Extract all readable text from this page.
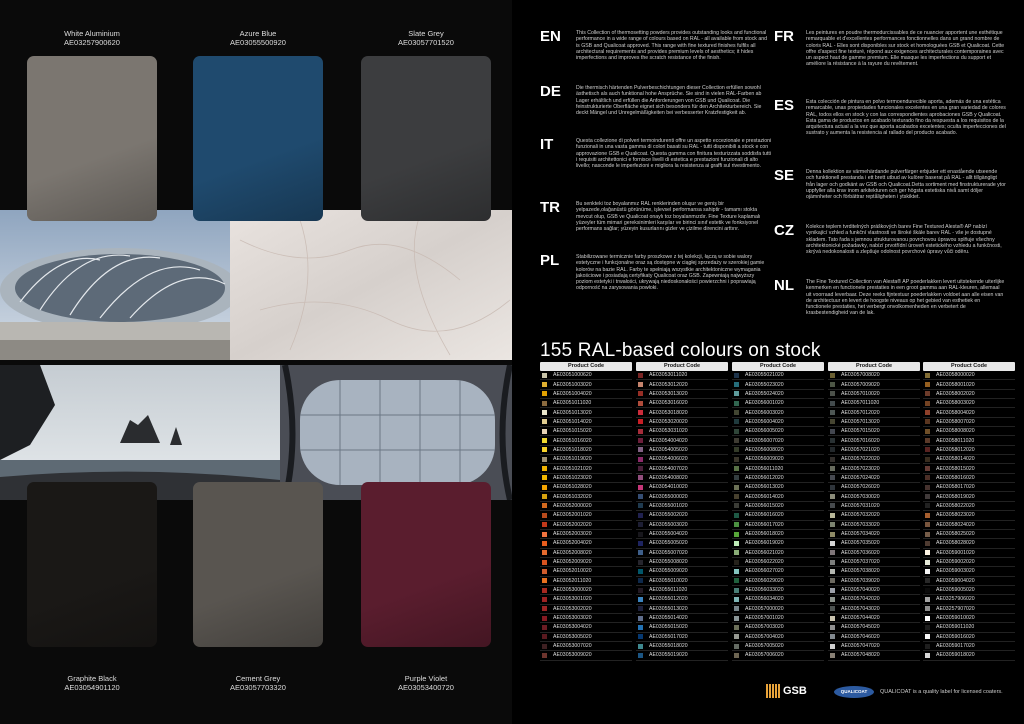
White Aluminium
AE03257900620
Azure Blue
AE03055500920
Slate Grey
AE03057701520
Graphite Black
AE03054901120
Cement Grey
AE03057703320
Purple Violet
AE03053400720
EN	This Collection of thermosetting powders provides outstanding looks and functional performance in a wide range of colours based on RAL - all available from stock and is GSB and Qualicoat approved. This range with fine textured finishes fulfils all architectural requirements and provides premium levels of aesthetics; it hides imperfections and improves the scratch resistance of the finish.
DE	Die thermisch härtenden Pulverbeschichtungen dieser Collection erfüllen sowohl ästhetisch als auch funktional hohe Ansprüche. Sie sind in vielen RAL-Farben ab Lager erhältlich und erfüllen die Anforderungen von GSB und Qualicoat. Die feinstrukturierte Oberfläche eignet sich besonders für den Architekturbereich. Sie deckt Mängel und Unregelmäßigkeiten bei verbesserter Kratzfestigkeit ab.
IT	Questa collezione di polveri termoindurenti offre un aspetto eccezionale e prestazioni funzionali in una vasta gamma di colori basati su RAL - tutti disponibili a stock e con approvazione GSB e Qualicoat. Questa gamma con finitura testurizzata soddisfa tutti i requisiti architettonici e fornisce livelli di estetica e prestazioni funzionali di alto livello; nasconde le imperfezioni e migliora la resistenza ai graffi sul rivestimento.
TR	Bu senkteki toz boyalanmız RAL renklerinden oluşur ve geniş bir yelpazede,olağanüstü görünüme, işlevsel performansa sahiptir - tamamı stokta mevcut olup, GSB ve Qualicoat onaylı toz boyalanmızdır. Fine Texture kaplamalı yüzeyler tüm mimari gereksinimleri karşılar ve birinci sınıf estetik ve fonksiyonel performans sağlar; yüzeyin kusurlarını gizler ve çizilme direncini arttırır.
PL	Stabilizowane termicznie farby proszkowe z tej kolekcji, łączą w sobie walory estetyczne i funkcjonalne oraz są dostępne w ciągłej sprzedaży w szerokiej gamie kolorów na bazie RAL. Farby te spełniają wszystkie architektoniczne wymagania jakościowe i posiadają certyfikaty Qualicoat oraz GSB. Zapewniają najwyższy poziom estetyki i trwałości, ukrywają niedoskonałości powierzchni i poprawiają odporność na zarysowania powłoki.
FR Les peintures en poudre thermodurcissables de ce nuancier apportent une esthétique remarquable et d'excellentes performances fonctionnelles dans un grand nombre de coloris RAL - Elles sont disponibles sur stock et homologuées GSB et Qualicoat. Cette offre d'aspect fine texturé, répond aux exigences architecturales contemporaines avec un aspect haut de gamme premium. Elle masque les imperfections du support et améliore la résistance à la rayure du revêtement.
ES Esta colección de pintura en polvo termoendurecible aporta, además de una estética remarcable, unas propiedades funcionales excelentes en una gran variedad de colores RAL, todos ellos en stock y con las correspondientes aprobaciones GSB y Qualicoat. Esta gama de productos en acabado texturado fino da respuesta a los requisitos de la arquitectura actual a la vez que aporta acabados excelentes; oculta imperfecciones del sustrato y aumenta la resistencia al rallado del producto acabado.
SE Denna kollektion av värmehärdande pulverfärger erbjuder ett enastående utseende och funktionell prestanda i ett brett utbud av kulörer baserat på RAL - allt tillgängligt från lager och godkänt av GSB och Qualicoat.Detta sortiment med finstrukturerade ytor uppfyller alla krav inom arkitekturen och ger högsta estetiska nivå samt döljer ojämnheter och förbättrar reptåligheten i ytskiktet.
CZ Kolekce teplem tvrditelných práškových barev Fine Textured Alesta® AP nabízí vynikající vzhled a funkční vlastnosti ve široké škále barev RAL - vše je dostupné skladem. Tato řada s jemnou strukturovanou povrchovou úpravou splňuje všechny architektonické požadavky, nabízí prvotřídní úroveň estetického vzhledu a funkčnosti, skrývá nedokonalosti a zlepšuje odolnost povrchové úpravy vůči oděru.
NL The Fine Textured Collection van Alesta® AP poederlakken levert uitstekende uiterlijke kenmerken en functionele prestaties in een groot gamma aan RAL-kleuren, allemaal uit voorraad leverbaar. Deze reeks fijntextuur poederlakken voldoet aan alle eisen van de architectuur en levert de hoogste niveaus op het gebied van esthetiek en functionele prestaties, het verbergt onvolkomenheden en verbetert de krasbestendigheid van de lak.
155 RAL-based colours on stock
Product Code
AE03051000620
AE03051003020
AE03051004020
AE03051011020
AE03051013020
AE03051014020
AE03051015020
AE03051016020
AE03051018020
AE03051019020
AE03051021020
AE03051023020
AE03051028020
AE03051032020
AE03052000020
AE03052001020
AE03052002020
AE03052003020
AE03052004020
AE03052008020
AE03052009020
AE03052010020
AE03052011020
AE03053000020
AE03053001020
AE03053002020
AE03053003020
AE03053004020
AE03053005020
AE03053007020
AE03053009020
Product Code
AE03053011020
AE03053012020
AE03053013020
AE03053016020
AE03053018020
AE03053020020
AE03053031020
AE03054004020
AE03054005020
AE03054006020
AE03054007020
AE03054008020
AE03054010020
AE03055000020
AE03055001020
AE03055002020
AE03055003020
AE03055004020
AE03055005020
AE03055007020
AE03055008020
AE03055009020
AE03055010020
AE03055011020
AE03055012020
AE03055013020
AE03055014020
AE03055015020
AE03055017020
AE03055018020
AE03055019020
Product Code
AE03055021020
AE03055023020
AE03055024020
AE03056001020
AE03056003020
AE03056004020
AE03056005020
AE03056007020
AE03056008020
AE03056009020
AE03056011020
AE03056012020
AE03056013020
AE03056014020
AE03056015020
AE03056016020
AE03056017020
AE03056018020
AE03056019020
AE03056021020
AE03056022020
AE03056027020
AE03056029020
AE03056033020
AE03056034020
AE03057000020
AE03057001020
AE03057003020
AE03057004020
AE03057005020
AE03057006020
Product Code
AE03057008020
AE03057009020
AE03057010020
AE03057011020
AE03057012020
AE03057013020
AE03057015020
AE03057016020
AE03057021020
AE03057022020
AE03057023020
AE03057024020
AE03057026020
AE03057030020
AE03057031020
AE03057032020
AE03057033020
AE03057034020
AE03057035020
AE03057036020
AE03057037020
AE03057038020
AE03057039020
AE03057040020
AE03057042020
AE03057043020
AE03057044020
AE03057045020
AE03057046020
AE03057047020
AE03057048020
Product Code
AE03058000020
AE03058001020
AE03058002020
AE03058003020
AE03058004020
AE03058007020
AE03058008020
AE03058011020
AE03058012020
AE03058014020
AE03058015020
AE03058016020
AE03058017020
AE03058019020
AE03058022020
AE03058023020
AE03058024020
AE03058025020
AE03058028020
AE03059001020
AE03059002020
AE03059003020
AE03059004020
AE03059005020
AE03257906020
AE03257907020
AE03059010020
AE03059011020
AE03059016020
AE03059017020
AE03059018020
GSB	QUALICOAT	QUALICOAT is a quality label for licensed coaters.
